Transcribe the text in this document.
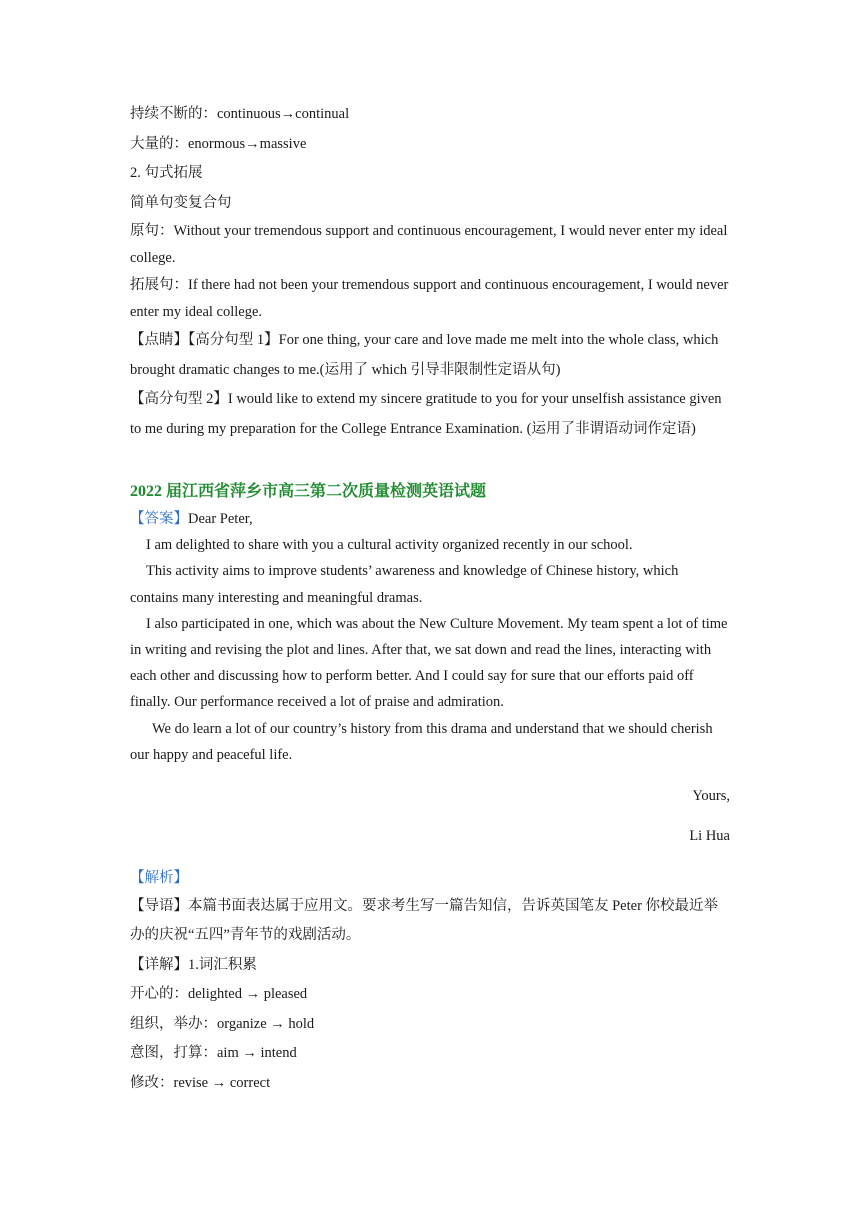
持续不断的：continuous→continual

大量的：enormous→massive

2. 句式拓展

简单句变复合句

原句：Without your tremendous support and continuous encouragement, I would never enter my ideal college.

拓展句：If there had not been your tremendous support and continuous encouragement, I would never enter my ideal college.

【点睛】【高分句型 1】For one thing, your care and love made me melt into the whole class, which brought dramatic changes to me.(运用了 which 引导非限制性定语从句)

【高分句型 2】I would like to extend my sincere gratitude to you for your unselfish assistance given to me during my preparation for the College Entrance Examination. (运用了非谓语动词作定语)

2022 届江西省萍乡市高三第二次质量检测英语试题

【答案】Dear Peter,

I am delighted to share with you a cultural activity organized recently in our school.

This activity aims to improve students’ awareness and knowledge of Chinese history, which contains many interesting and meaningful dramas.

I also participated in one, which was about the New Culture Movement. My team spent a lot of time in writing and revising the plot and lines. After that, we sat down and read the lines, interacting with each other and discussing how to perform better. And I could say for sure that our efforts paid off finally. Our performance received a lot of praise and admiration.

We do learn a lot of our country’s history from this drama and understand that we should cherish our happy and peaceful life.

Yours,

Li Hua

【解析】

【导语】本篇书面表达属于应用文。要求考生写一篇告知信，告诉英国笔友 Peter 你校最近举办的庆祝“五四”青年节的戏剧活动。

【详解】1.词汇积累

开心的：delighted → pleased

组织，举办：organize → hold

意图，打算：aim → intend

修改：revise → correct
